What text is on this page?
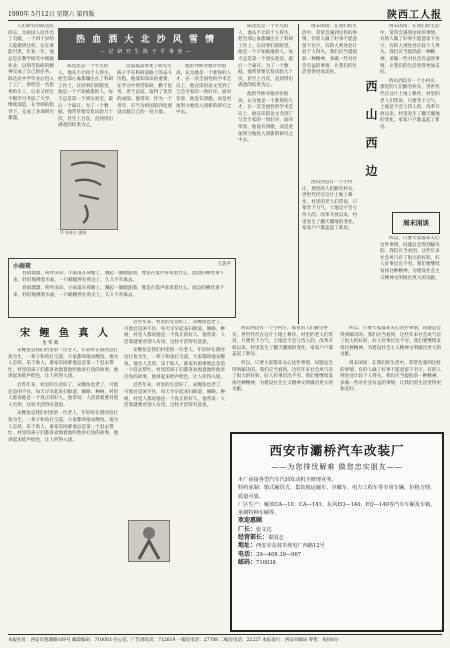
1990年 5月12日 星期六 第四版	陕西工人报

人们研究的陈达民同志，为祖国人民作出了贡献，一个四十岁的人能做到这样，实在难能可贵。年复一年，他总是在教学研究中兢兢业业，以刻苦钻研的精神完成了自己的任务。陈达民中学毕业后进入了工厂，曾经是一名优秀的车工，后来又经过不断学习考取了大学，继续深造，在导师的指导下，完成了多项研究课题。

热 血 洒 大 北 沙 风 雪 情
— 记 研 究 生 陈 子 平 事 迹 —

陈达民是一个平凡的人，他从不计较个人得失，把全部心血都倾注在了科研工作上。在同事们的眼里，他是一个不知疲倦的人，每天总是第一个到实验室，最后一个离开。为了一个数据，他常常要反复试验几十次，甚至上百次，直到得出满意的结果为止。

这篇报道讲述了研究生陈子平在科研道路上的奋斗历程。他深知知识的重要，在学习中刻苦钻研，勤于思考，善于总结，取得了优异的成绩。他常说：作为一个青年，应当为祖国的四化建设贡献自己的一份力量。

他的导师对他评价很高，认为他是一个难得的人才。在一次全国性的学术会议上，他宣读的论文受到了与会专家的一致好评。面对荣誉，他没有骄傲，而是更加努力地投入到新的研究之中去。

陈达民是一个平凡的人，他从不计较个人得失，把全部心血都倾注在了科研工作上。在同事们的眼里，他是一个不知疲倦的人，每天总是第一个到实验室，最后一个离开。为了一个数据，他常常要反复试验几十次，甚至上百次，直到得出满意的结果为止。

他的导师对他评价很高，认为他是一个难得的人才。在一次全国性的学术会议上，他宣读的论文受到了与会专家的一致好评。面对荣誉，他没有骄傲，而是更加努力地投入到新的研究之中去。

手书诗日 黑纸
小雨荷	王浩平

春雨潇潇，荷叶田田，小雨落在荷塘上，溅起一圈圈涟漪，像是在低声诉说着什么。池边的柳丝垂下来，轻轻地拂着水面，一只蜻蜓停在荷尖上，久久不肯离去。

春雨潇潇，荷叶田田，小雨落在荷塘上，溅起一圈圈涟漪，像是在低声诉说着什么。池边的柳丝垂下来，轻轻地拂着水面，一只蜻蜓停在荷尖上，久久不肯离去。

宋 鲤 鱼 真 人
金 华 辉

宋鲤鱼是我们村里的一位老人，年轻时在渭河边打鱼为生，一辈子和鱼打交道，大家都叫他宋鲤鱼。他为人忠厚，乐于助人，谁家有困难他总是第一个赶去帮忙。村里的孩子们都喜欢围着他听他讲打鱼的故事，他讲起来绘声绘色，让人听得入迷。

近些年来，村里的生活好了，宋鲤鱼也老了，可他还是闲不住，每天早早起来扫街道、修路、种树，村里人都说他是一个真正的好人。他常说：人活着就要对别人有用，这样才活得有意思。

宋鲤鱼是我们村里的一位老人，年轻时在渭河边打鱼为生，一辈子和鱼打交道，大家都叫他宋鲤鱼。他为人忠厚，乐于助人，谁家有困难他总是第一个赶去帮忙。村里的孩子们都喜欢围着他听他讲打鱼的故事，他讲起来绘声绘色，让人听得入迷。

近些年来，村里的生活好了，宋鲤鱼也老了，可他还是闲不住，每天早早起来扫街道、修路、种树，村里人都说他是一个真正的好人。他常说：人活着就要对别人有用，这样才活得有意思。

宋鲤鱼是我们村里的一位老人，年轻时在渭河边打鱼为生，一辈子和鱼打交道，大家都叫他宋鲤鱼。他为人忠厚，乐于助人，谁家有困难他总是第一个赶去帮忙。村里的孩子们都喜欢围着他听他讲打鱼的故事，他讲起来绘声绘色，让人听得入迷。

近些年来，村里的生活好了，宋鲤鱼也老了，可他还是闲不住，每天早早起来扫街道、修路、种树，村里人都说他是一个真正的好人。他常说：人活着就要对别人有用，这样才活得有意思。

周末闲谈：在我们的生活中，常常会遇到这样的事情，有的人做了好事不愿意留下名字，有的人则处处计较个人得失。我们应当提倡前一种精神，多做一些对社会有益的事情，让我们的生活变得更加美好。

西 山 西 边

周末闲谈：在我们的生活中，常常会遇到这样的事情，有的人做了好事不愿意留下名字，有的人则处处计较个人得失。我们应当提倡前一种精神，多做一些对社会有益的事情，让我们的生活变得更加美好。

西山西边有一个小村庄，那里的人们勤劳朴实，世世代代在这片土地上耕作。村里的老人们常说，只要肯下力气，土地是不会亏待人的。改革开放以来，村里发生了翻天覆地的变化，家家户户都盖起了新房。

周末闲谈

西山西边有一个小村庄，那里的人们勤劳朴实，世世代代在这片土地上耕作。村里的老人们常说，只要肯下力气，土地是不会亏待人的。改革开放以来，村里发生了翻天覆地的变化，家家户户都盖起了新房。

所以，只要大家都来关心这件事情，问题总会得到解决的。我们应当看到，这些年来社会风气有了很大的好转，好人好事层出不穷。我们要继续发扬这种精神，为建设社会主义精神文明做出更大的贡献。

西山西边有一个小村庄，那里的人们勤劳朴实，世世代代在这片土地上耕作。村里的老人们常说，只要肯下力气，土地是不会亏待人的。改革开放以来，村里发生了翻天覆地的变化，家家户户都盖起了新房。

所以，只要大家都来关心这件事情，问题总会得到解决的。我们应当看到，这些年来社会风气有了很大的好转，好人好事层出不穷。我们要继续发扬这种精神，为建设社会主义精神文明做出更大的贡献。

所以，只要大家都来关心这件事情，问题总会得到解决的。我们应当看到，这些年来社会风气有了很大的好转，好人好事层出不穷。我们要继续发扬这种精神，为建设社会主义精神文明做出更大的贡献。

周末闲谈：在我们的生活中，常常会遇到这样的事情，有的人做了好事不愿意留下名字，有的人则处处计较个人得失。我们应当提倡前一种精神，多做一些对社会有益的事情，让我们的生活变得更加美好。

西安市灞桥汽车改装厂
——为您排忧解难 做您忠实朋友——
本厂承接各型汽车汽油发动机全修理业务。
特约承制：柴式厢货式、集装箱运输车、冷藏车、电力工程车等专用车辆，价格合理，质量可靠。
厂区生产：解放CA—10、CA—141、东风EQ—140、EQ—140等汽车车厢及车箱、承制特种车厢等。
欢迎惠顾
厂长：张文达
经营部长：秦国志
地址：西安市东郊半坡电厂西路12号
电话：39—408 39—967
邮码：710038
本报社址：西安市莲湖路169号 邮政编码：710003 办公室、广告部电话：712619 一编室电话：27708 二编室电话：22227 本报发行：西安市邮局 零售：每份8分
